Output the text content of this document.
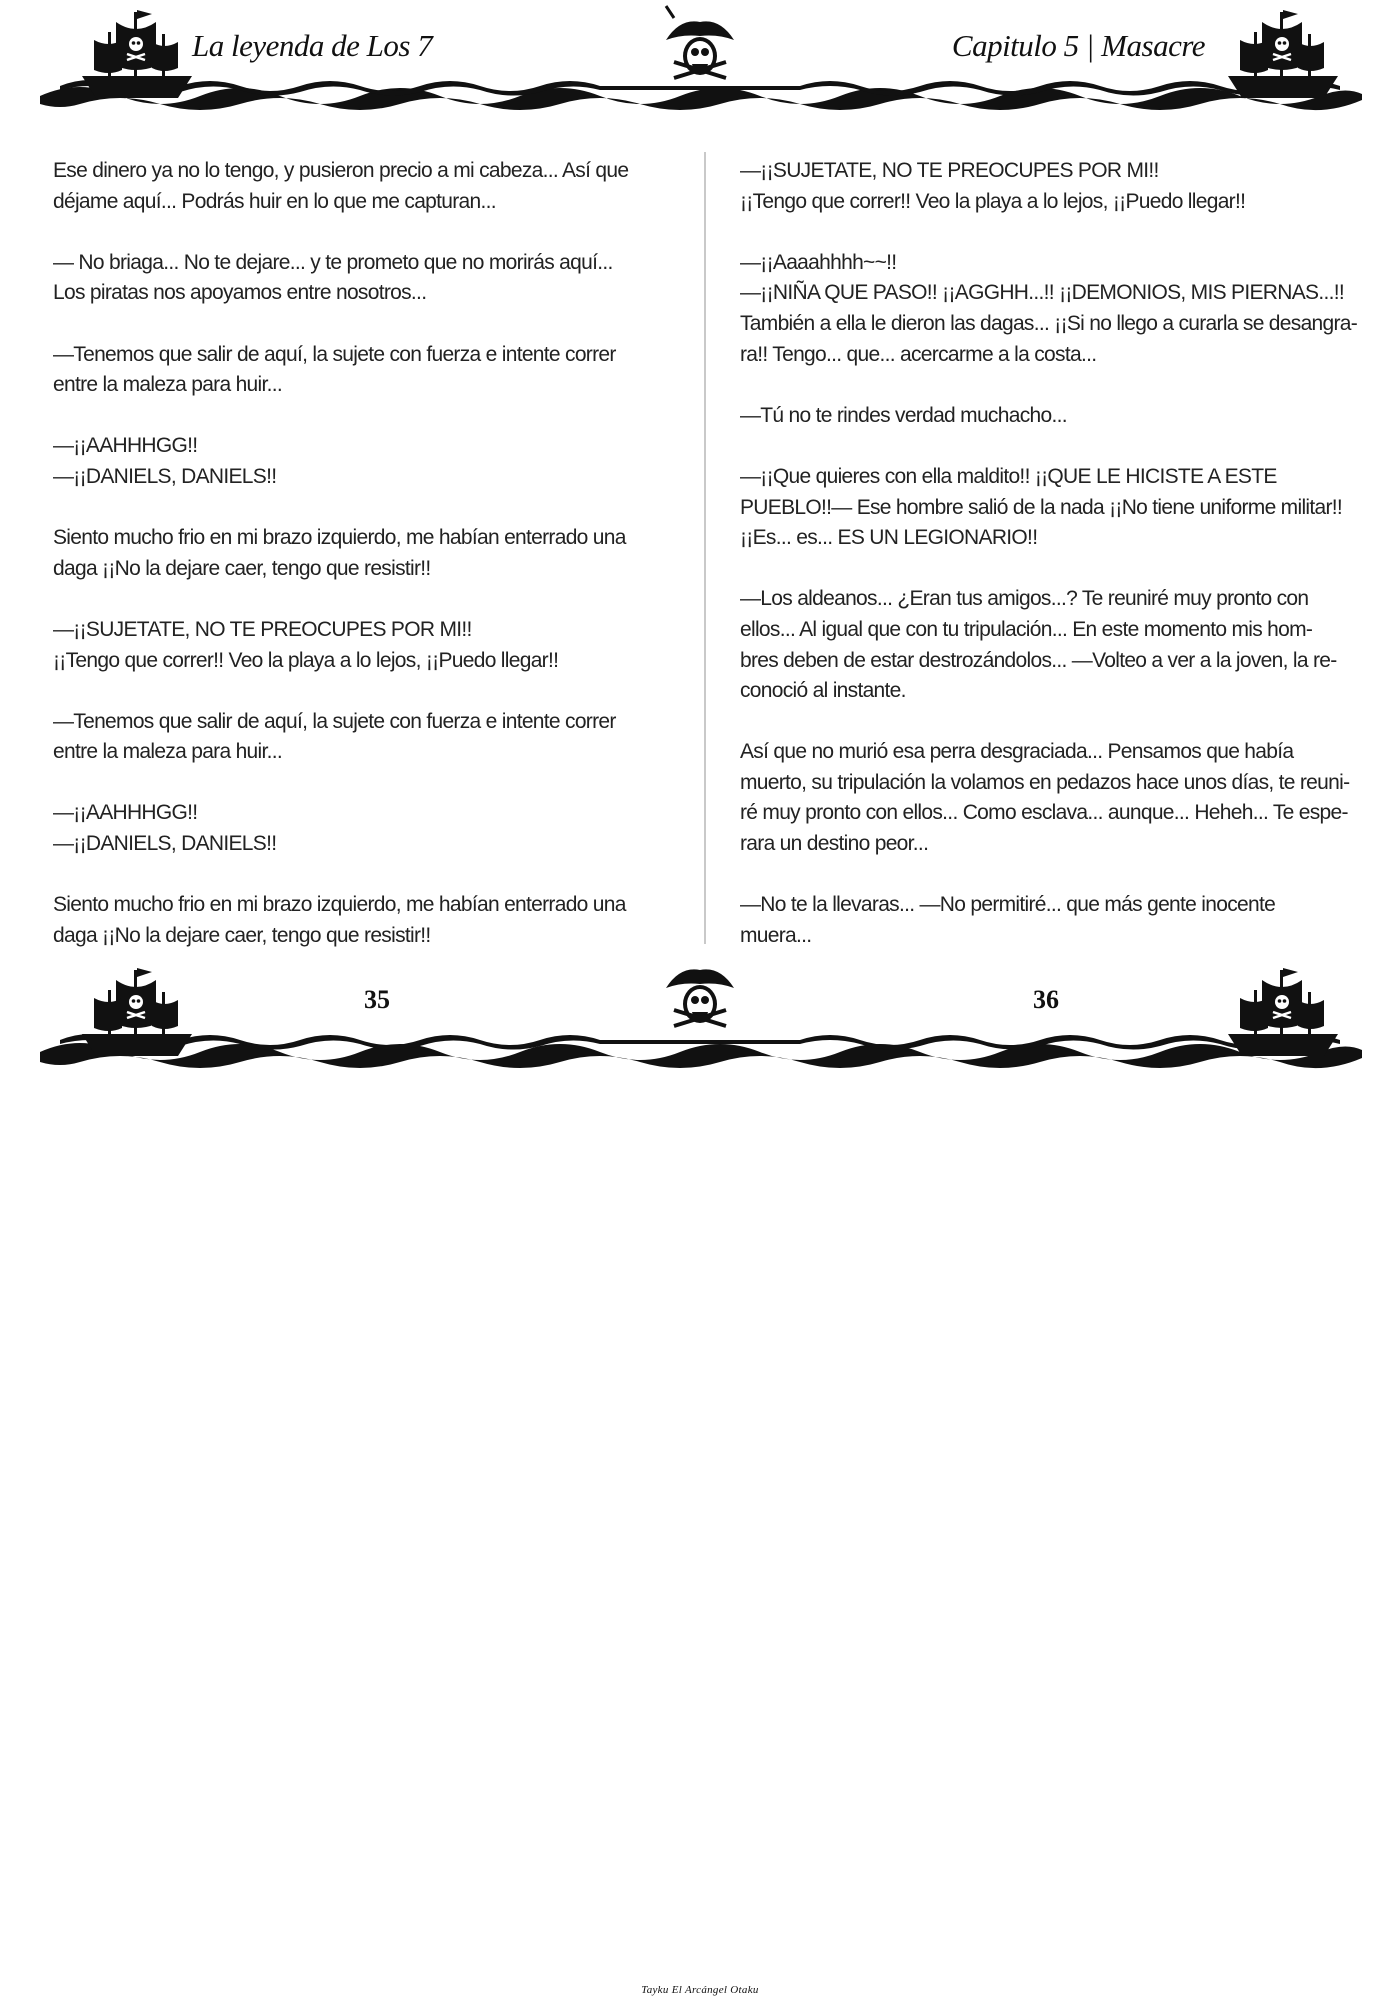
La leyenda de Los 7	Capitulo 5 | Masacre

Ese dinero ya no lo tengo, y pusieron precio a mi cabeza... Así que
déjame aquí... Podrás huir en lo que me capturan...

— No briaga... No te dejare... y te prometo que no morirás aquí...
Los piratas nos apoyamos entre nosotros...

—Tenemos que salir de aquí, la sujete con fuerza e intente correr
entre la maleza para huir...

—¡¡AAHHHGG!!
—¡¡DANIELS, DANIELS!!

Siento mucho frio en mi brazo izquierdo, me habían enterrado una
daga ¡¡No la dejare caer, tengo que resistir!!

—¡¡SUJETATE, NO TE PREOCUPES POR MI!!
¡¡Tengo que correr!! Veo la playa a lo lejos, ¡¡Puedo llegar!!

—Tenemos que salir de aquí, la sujete con fuerza e intente correr
entre la maleza para huir...

—¡¡AAHHHGG!!
—¡¡DANIELS, DANIELS!!

Siento mucho frio en mi brazo izquierdo, me habían enterrado una
daga ¡¡No la dejare caer, tengo que resistir!!

—¡¡SUJETATE, NO TE PREOCUPES POR MI!!
¡¡Tengo que correr!! Veo la playa a lo lejos, ¡¡Puedo llegar!!

—¡¡Aaaahhhh~~!!
—¡¡NIÑA QUE PASO!! ¡¡AGGHH...!! ¡¡DEMONIOS, MIS PIERNAS...!!
También a ella le dieron las dagas... ¡¡Si no llego a curarla se desangra-
ra!! Tengo... que... acercarme a la costa...

—Tú no te rindes verdad muchacho...

—¡¡Que quieres con ella maldito!! ¡¡QUE LE HICISTE A ESTE
PUEBLO!!— Ese hombre salió de la nada ¡¡No tiene uniforme militar!!
¡¡Es... es... ES UN LEGIONARIO!!

—Los aldeanos... ¿Eran tus amigos...? Te reuniré muy pronto con
ellos... Al igual que con tu tripulación... En este momento mis hom-
bres deben de estar destrozándolos... —Volteo a ver a la joven, la re-
conoció al instante.

Así que no murió esa perra desgraciada... Pensamos que había
muerto, su tripulación la volamos en pedazos hace unos días, te reuni-
ré muy pronto con ellos... Como esclava... aunque... Heheh... Te espe-
rara un destino peor...

—No te la llevaras... —No permitiré... que más gente inocente
muera...

Tayku El Arcángel Otaku
35	36
